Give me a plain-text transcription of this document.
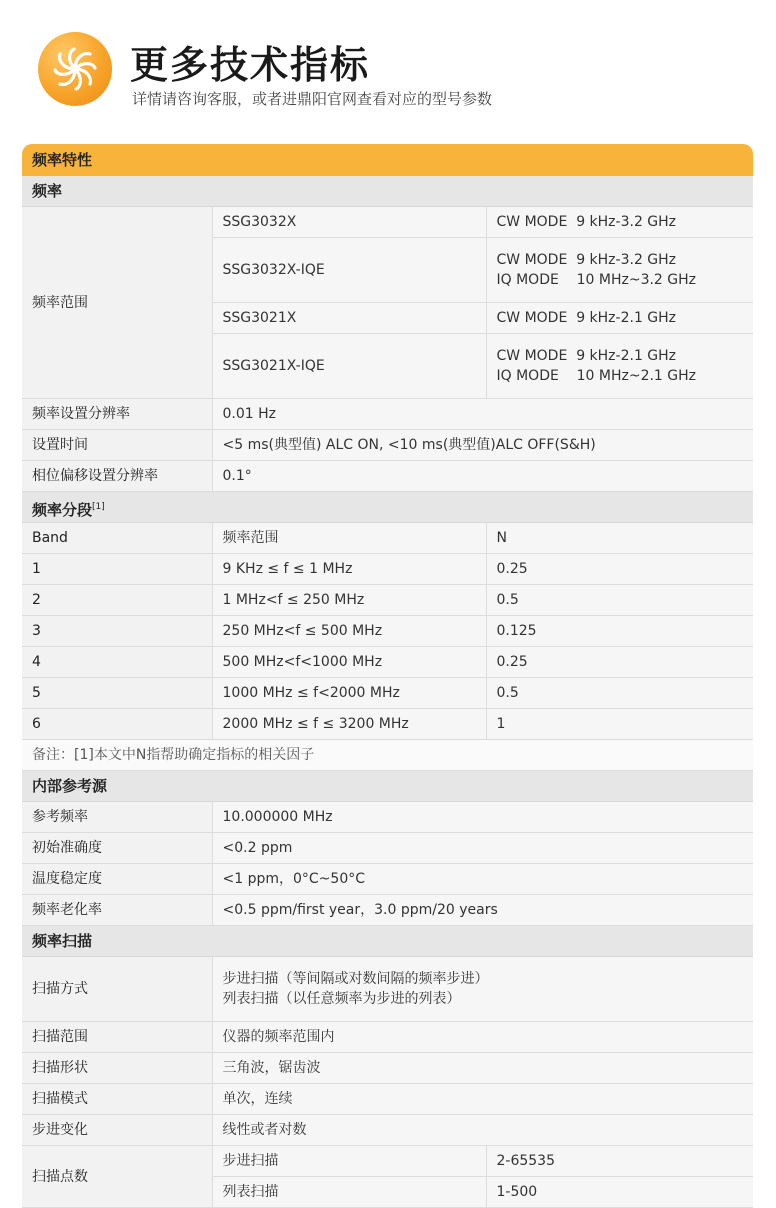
更多技术指标
详情请咨询客服，或者进鼎阳官网查看对应的型号参数
频率特性
频率
频率范围	SSG3032X	CW MODE  9 kHz-3.2 GHz

	SSG3032X-IQE	CW MODE  9 kHz-3.2 GHz
IQ MODE    10 MHz~3.2 GHz

	SSG3021X	CW MODE  9 kHz-2.1 GHz

	SSG3021X-IQE	CW MODE  9 kHz-2.1 GHz
IQ MODE    10 MHz~2.1 GHz

频率设置分辨率	0.01 Hz	
设置时间	<5 ms(典型值) ALC ON, <10 ms(典型值)ALC OFF(S&H)	
相位偏移设置分辨率	0.1°	
频率分段[1]
Band	频率范围	N
1	9 KHz ≤ f ≤ 1 MHz	0.25
2	1 MHz<f ≤ 250 MHz	0.5
3	250 MHz<f ≤ 500 MHz	0.125
4	500 MHz<f<1000 MHz	0.25
5	1000 MHz ≤ f<2000 MHz	0.5
6	2000 MHz ≤ f ≤ 3200 MHz	1
备注：[1]本文中N指帮助确定指标的相关因子
内部参考源
参考频率	10.000000 MHz
初始准确度	<0.2 ppm
温度稳定度	<1 ppm，0°C~50°C
频率老化率	<0.5 ppm/first year，3.0 ppm/20 years
频率扫描
扫描方式	步进扫描（等间隔或对数间隔的频率步进）
列表扫描（以任意频率为步进的列表）	

扫描范围	仪器的频率范围内	
扫描形状	三角波，锯齿波	
扫描模式	单次，连续	
步进变化	线性或者对数	
扫描点数	步进扫描	2-65535
	列表扫描	1-500
